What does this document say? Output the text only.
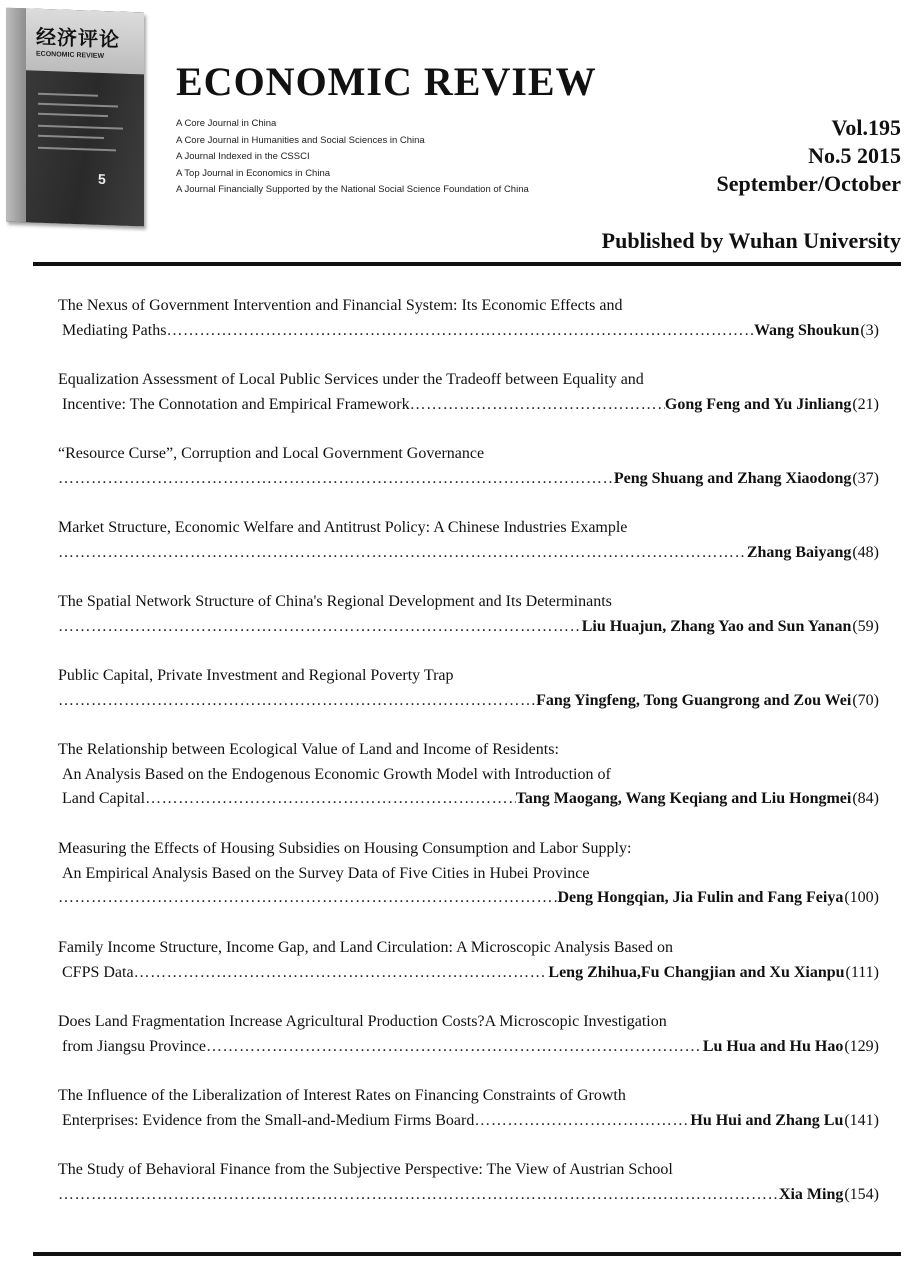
经济评论
ECONOMIC REVIEW
5
ECONOMIC REVIEW
A Core Journal in China
A Core Journal in Humanities and Social Sciences in China
A Journal Indexed in the CSSCI
A Top Journal in Economics in China
A Journal Financially Supported by the National Social Science Foundation of China
Vol.195
No.5 2015
September/October
Published by Wuhan University
The Nexus of Government Intervention and Financial System: Its Economic Effects and
Mediating Paths ………………………………………………………………………………………………………………………………………………………………………………	Wang Shoukun (3)
Equalization Assessment of Local Public Services under the Tradeoff between Equality and
Incentive: The Connotation and Empirical Framework ………………………………………………………………………………………………………………………………………………………………………………	Gong Feng and Yu Jinliang (21)
“Resource Curse”, Corruption and Local Government Governance
………………………………………………………………………………………………………………………………………………………………………………
Peng Shuang and Zhang Xiaodong (37)
Market Structure, Economic Welfare and Antitrust Policy: A Chinese Industries Example
………………………………………………………………………………………………………………………………………………………………………………
Zhang Baiyang (48)
The Spatial Network Structure of China's Regional Development and Its Determinants
………………………………………………………………………………………………………………………………………………………………………………
Liu Huajun, Zhang Yao and Sun Yanan (59)
Public Capital, Private Investment and Regional Poverty Trap
………………………………………………………………………………………………………………………………………………………………………………
Fang Yingfeng, Tong Guangrong and Zou Wei (70)
The Relationship between Ecological Value of Land and Income of Residents:
An Analysis Based on the Endogenous Economic Growth Model with Introduction of
Land Capital ………………………………………………………………………………………………………………………………………………………………………………	Tang Maogang, Wang Keqiang and Liu Hongmei (84)
Measuring the Effects of Housing Subsidies on Housing Consumption and Labor Supply:
An Empirical Analysis Based on the Survey Data of Five Cities in Hubei Province
………………………………………………………………………………………………………………………………………………………………………………
Deng Hongqian, Jia Fulin and Fang Feiya (100)
Family Income Structure, Income Gap, and Land Circulation: A Microscopic Analysis Based on
CFPS Data ………………………………………………………………………………………………………………………………………………………………………………	Leng Zhihua,Fu Changjian and Xu Xianpu (111)
Does Land Fragmentation Increase Agricultural Production Costs?A Microscopic Investigation
from Jiangsu Province ………………………………………………………………………………………………………………………………………………………………………………	Lu Hua and Hu Hao (129)
The Influence of the Liberalization of Interest Rates on Financing Constraints of Growth
Enterprises: Evidence from the Small-and-Medium Firms Board ………………………………………………………………………………………………………………………………………………………………………………	Hu Hui and Zhang Lu (141)
The Study of Behavioral Finance from the Subjective Perspective: The View of Austrian School
………………………………………………………………………………………………………………………………………………………………………………
Xia Ming (154)
